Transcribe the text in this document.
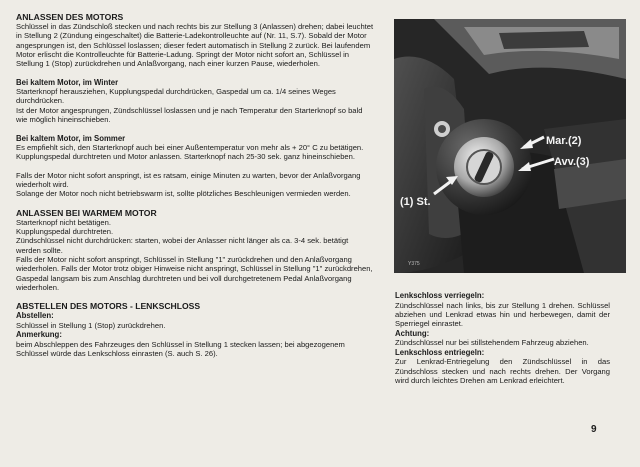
ANLASSEN DES MOTORS

Schlüssel in das Zündschloß stecken und nach rechts bis zur Stellung 3 (Anlassen) drehen; dabei leuchtet in Stellung 2 (Zündung eingeschaltet) die Batterie-Ladekontrolleuchte auf (Nr. 11, S.7). Sobald der Motor angesprungen ist, den Schlüssel loslassen; dieser federt automatisch in Stellung 2 zurück. Bei laufendem Motor erlischt die Kontrolleuchte für Batterie-Ladung. Springt der Motor nicht sofort an, Schlüssel in Stellung 1 (Stop) zurückdrehen und Anlaßvorgang, nach einer kurzen Pause, wiederholen.

Bei kaltem Motor, im Winter

Starterknopf herausziehen, Kupplungspedal durchdrücken, Gaspedal um ca. 1/4 seines Weges durchdrücken.

Ist der Motor angesprungen, Zündschlüssel loslassen und je nach Temperatur den Starterknopf so bald wie möglich hineinschieben.

Bei kaltem Motor, im Sommer

Es empfiehlt sich, den Starterknopf auch bei einer Außentemperatur von mehr als + 20° C zu betätigen. Kupplungspedal durchtreten und Motor anlassen. Starterknopf nach 25-30 sek. ganz hineinschieben.

Falls der Motor nicht sofort anspringt, ist es ratsam, einige Minuten zu warten, bevor der Anlaßvorgang wiederholt wird.

Solange der Motor noch nicht betriebswarm ist, sollte plötzliches Beschleunigen vermieden werden.

ANLASSEN BEI WARMEM MOTOR

Starterknopf nicht betätigen.

Kupplungspedal durchtreten.

Zündschlüssel nicht durchdrücken: starten, wobei der Anlasser nicht länger als ca. 3-4 sek. betätigt werden sollte.

Falls der Motor nicht sofort anspringt, Schlüssel in Stellung "1" zurückdrehen und den Anlaßvorgang wiederholen. Falls der Motor trotz obiger Hinweise nicht anspringt, Schlüssel in Stellung "1" zurückdrehen, Gaspedal langsam bis zum Anschlag durchtreten und bei voll durchgetretenem Pedal Anlaßvorgang wiederholen.

ABSTELLEN DES MOTORS - LENKSCHLOSS
Abstellen:

Schlüssel in Stellung 1 (Stop) zurückdrehen.

Anmerkung:

beim Abschleppen des Fahrzeuges den Schlüssel in Stellung 1 stecken lassen; bei abgezogenem Schlüssel würde das Lenkschloss einrasten (S. auch S. 26).

Mar.(2)
Avv.(3)
(1) St.
Y375
Lenkschloss verriegeln:

Zündschlüssel nach links, bis zur Stellung 1 drehen. Schlüssel abziehen und Lenkrad etwas hin und herbewegen, damit der Sperriegel einrastet.

Achtung:

Zündschlüssel nur bei stillstehendem Fahrzeug abziehen.

Lenkschloss entriegeln:

Zur Lenkrad-Entriegelung den Zündschlüssel in das Zündschloss stecken und nach rechts drehen. Der Vorgang wird durch leichtes Drehen am Lenkrad erleichtert.

9
